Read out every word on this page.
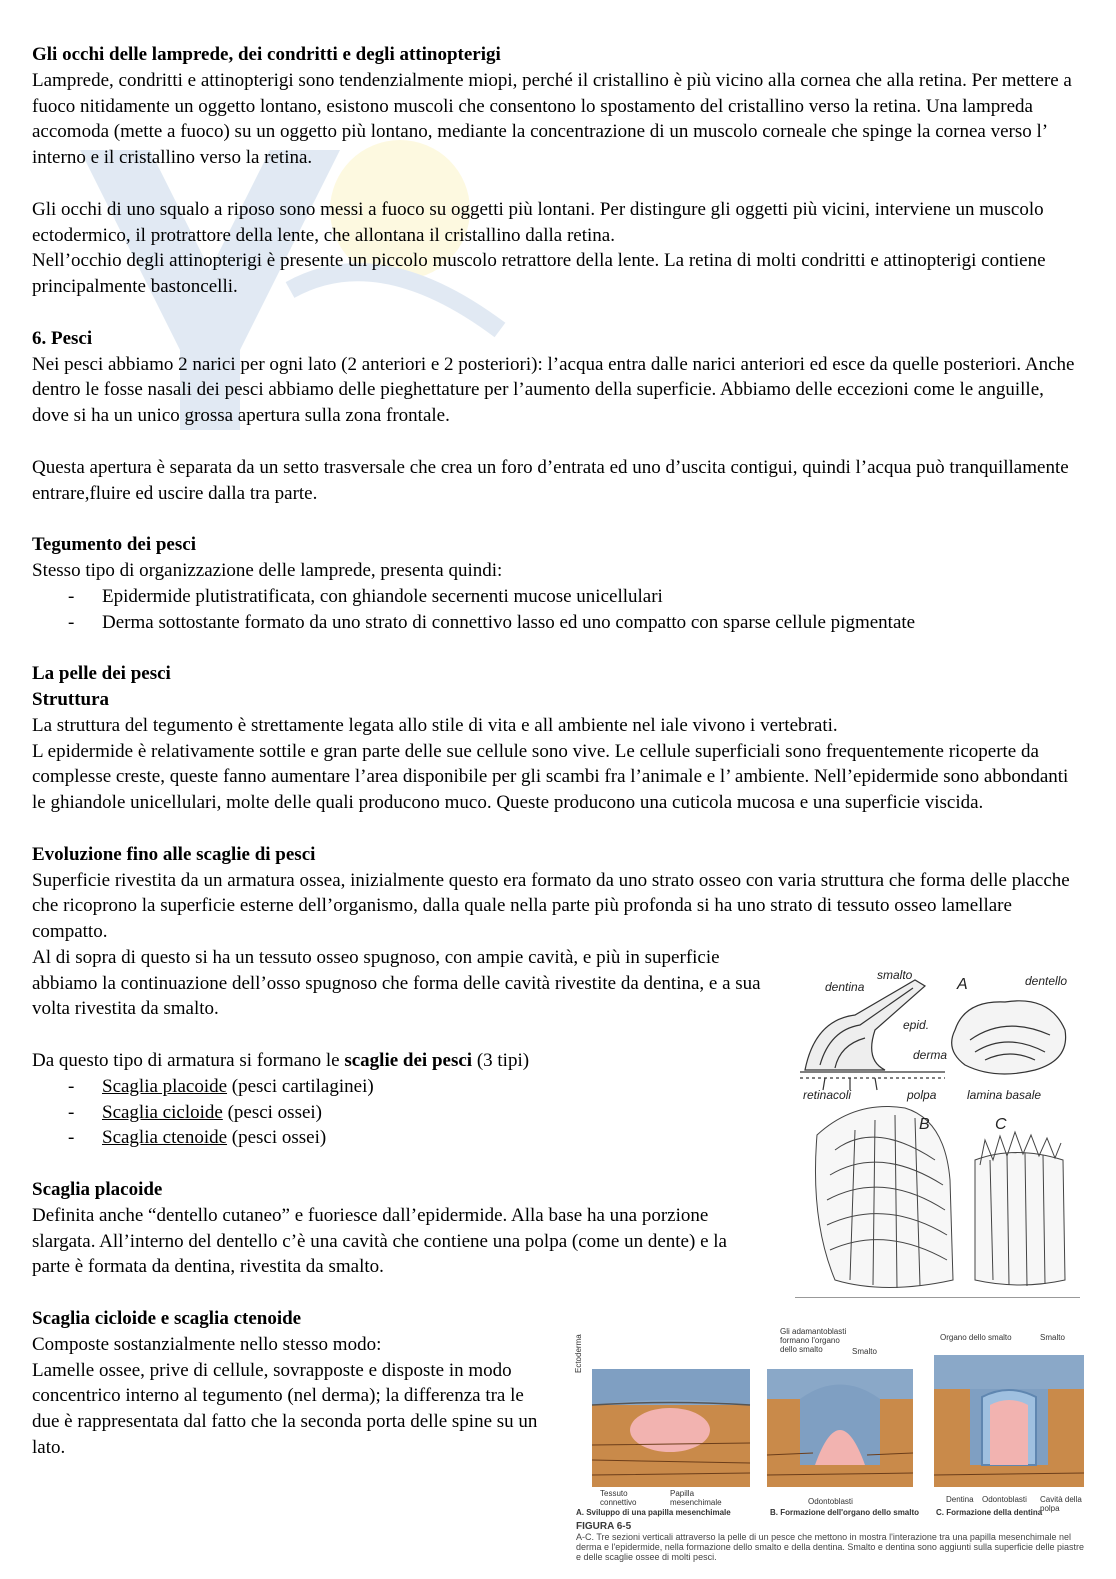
Gli occhi delle lamprede, dei condritti e degli attinopterigi

Lamprede, condritti e attinopterigi sono tendenzialmente miopi, perché il cristallino è più vicino alla cornea che alla retina. Per mettere a fuoco nitidamente un oggetto lontano, esistono muscoli che consentono lo spostamento del cristallino verso la retina. Una lampreda accomoda (mette a fuoco) su un oggetto più lontano, mediante la concentrazione di un muscolo corneale che spinge la cornea verso l’ interno e il cristallino verso la retina.

Gli occhi di uno squalo a riposo sono messi a fuoco su oggetti più lontani. Per distingure gli oggetti più vicini, interviene un muscolo ectodermico, il protrattore della lente, che allontana il cristallino dalla retina.

Nell’occhio degli attinopterigi è presente un piccolo muscolo retrattore della lente. La retina di molti condritti e attinopterigi contiene principalmente bastoncelli.

6. Pesci

Nei pesci abbiamo 2 narici per ogni lato (2 anteriori e 2 posteriori): l’acqua entra dalle narici anteriori ed esce da quelle posteriori. Anche dentro le fosse nasali dei pesci abbiamo delle pieghettature per l’aumento della superficie. Abbiamo delle eccezioni come le anguille, dove si ha un unico grossa apertura sulla zona frontale.

Questa apertura è separata da un setto trasversale che crea un foro d’entrata ed uno d’uscita contigui, quindi l’acqua può tranquillamente entrare,fluire ed uscire dalla tra parte.

Tegumento dei pesci

Stesso tipo di organizzazione delle lamprede, presenta quindi:

- Epidermide plutistratificata, con ghiandole secernenti mucose unicellulari
- Derma sottostante formato da uno strato di connettivo lasso ed uno compatto con sparse cellule pigmentate
La pelle dei pesci
Struttura

La struttura del tegumento è strettamente legata allo stile di vita e all ambiente nel iale vivono i vertebrati.

L epidermide è relativamente sottile e gran parte delle sue cellule sono vive. Le cellule superficiali sono frequentemente ricoperte da complesse creste, queste fanno aumentare l’area disponibile per gli scambi fra l’animale e l’ ambiente. Nell’epidermide sono abbondanti le ghiandole unicellulari, molte delle quali producono muco. Queste producono una cuticola mucosa e una superficie viscida.

Evoluzione fino alle scaglie di pesci

Superficie rivestita da un armatura ossea, inizialmente questo era formato da uno strato osseo con varia struttura che forma delle placche che ricoprono la superficie esterne dell’organismo, dalla quale nella parte più profonda si ha uno strato di tessuto osseo lamellare compatto.

Al di sopra di questo si ha un tessuto osseo spugnoso, con ampie cavità, e più in superficie abbiamo la continuazione dell’osso spugnoso che forma delle cavità rivestite da dentina, e a sua volta rivestita da smalto.

Da questo tipo di armatura si formano le scaglie dei pesci (3 tipi)

- Scaglia placoide (pesci cartilaginei)
- Scaglia cicloide (pesci ossei)
- Scaglia ctenoide (pesci ossei)
Scaglia placoide

Definita anche “dentello cutaneo” e fuoriesce dall’epidermide. Alla base ha una porzione slargata. All’interno del dentello c’è una cavità che contiene una polpa (come un dente) e la parte è formata da dentina, rivestita da smalto.

Scaglia cicloide e scaglia ctenoide

Composte sostanzialmente nello stesso modo:

Lamelle ossee, prive di cellule, sovrapposte e disposte in modo concentrico interno al tegumento (nel derma); la differenza tra le due è rappresentata dal fatto che la seconda porta delle spine su un lato.

smalto
dentina	A	dentello
epid.
derma
retinacoli	polpa	lamina basale
B	C
Ectoderma
Tessuto connettivo
Papilla mesenchimale
Gli adamantoblasti formano l'organo dello smalto	Smalto
Odontoblasti
Organo dello smalto	Smalto
Dentina Odontoblasti Cavità della polpa
A. Sviluppo di una papilla mesenchimale	B. Formazione dell'organo dello smalto C. Formazione della dentina
FIGURA 6-5
A-C. Tre sezioni verticali attraverso la pelle di un pesce che mettono in mostra l'interazione tra una papilla mesenchimale nel derma e l'epidermide, nella formazione dello smalto e della dentina. Smalto e dentina sono aggiunti sulla superficie delle piastre e delle scaglie ossee di molti pesci.
